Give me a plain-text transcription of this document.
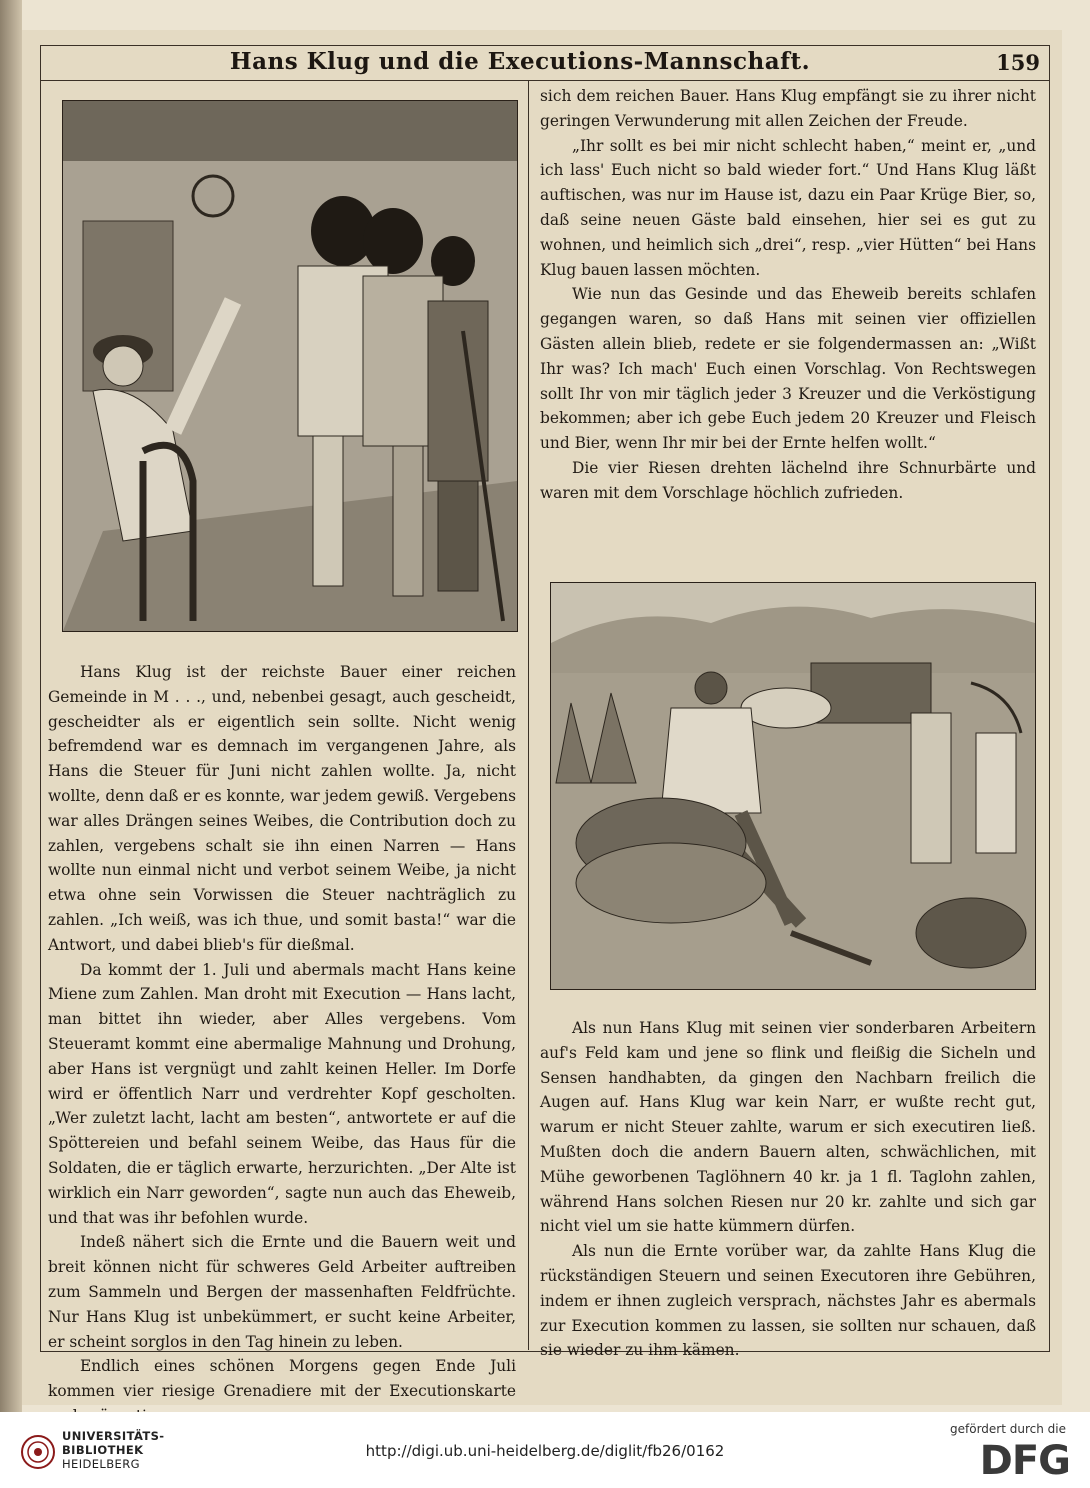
Hans Klug und die Executions-Mannschaft.	159

Hans Klug ist der reichste Bauer einer reichen Gemeinde in M . . ., und, nebenbei gesagt, auch gescheidt, gescheidter als er eigentlich sein sollte. Nicht wenig befremdend war es demnach im vergangenen Jahre, als Hans die Steuer für Juni nicht zahlen wollte. Ja, nicht wollte, denn daß er es konnte, war jedem gewiß. Vergebens war alles Drängen seines Weibes, die Contribution doch zu zahlen, vergebens schalt sie ihn einen Narren — Hans wollte nun einmal nicht und verbot seinem Weibe, ja nicht etwa ohne sein Vorwissen die Steuer nachträglich zu zahlen. „Ich weiß, was ich thue, und somit basta!“ war die Antwort, und dabei blieb's für dießmal.

Da kommt der 1. Juli und abermals macht Hans keine Miene zum Zahlen. Man droht mit Execution — Hans lacht, man bittet ihn wieder, aber Alles vergebens. Vom Steueramt kommt eine abermalige Mahnung und Drohung, aber Hans ist vergnügt und zahlt keinen Heller. Im Dorfe wird er öffentlich Narr und verdrehter Kopf gescholten. „Wer zuletzt lacht, lacht am besten“, antwortete er auf die Spöttereien und befahl seinem Weibe, das Haus für die Soldaten, die er täglich erwarte, herzurichten. „Der Alte ist wirklich ein Narr geworden“, sagte nun auch das Eheweib, und that was ihr befohlen wurde.

Indeß nähert sich die Ernte und die Bauern weit und breit können nicht für schweres Geld Arbeiter auftreiben zum Sammeln und Bergen der massenhaften Feldfrüchte. Nur Hans Klug ist unbekümmert, er sucht keine Arbeiter, er scheint sorglos in den Tag hinein zu leben.

Endlich eines schönen Morgens gegen Ende Juli kommen vier riesige Grenadiere mit der Executionskarte

sich dem reichen Bauer. Hans Klug empfängt sie zu ihrer nicht geringen Verwunderung mit allen Zeichen der Freude.

„Ihr sollt es bei mir nicht schlecht haben,“ meint er, „und ich lass' Euch nicht so bald wieder fort.“ Und Hans Klug läßt auftischen, was nur im Hause ist, dazu ein Paar Krüge Bier, so, daß seine neuen Gäste bald einsehen, hier sei es gut zu wohnen, und heimlich sich „drei“, resp. „vier Hütten“ bei Hans Klug bauen lassen möchten.

Wie nun das Gesinde und das Eheweib bereits schlafen gegangen waren, so daß Hans mit seinen vier offiziellen Gästen allein blieb, redete er sie folgendermassen an: „Wißt Ihr was? Ich mach' Euch einen Vorschlag. Von Rechtswegen sollt Ihr von mir täglich jeder 3 Kreuzer und die Verköstigung bekommen; aber ich gebe Euch jedem 20 Kreuzer und Fleisch und Bier, wenn Ihr mir bei der Ernte helfen wollt.“

Die vier Riesen drehten lächelnd ihre Schnurbärte und waren mit dem Vorschlage höchlich zufrieden.

Als nun Hans Klug mit seinen vier sonderbaren Arbeitern auf's Feld kam und jene so flink und fleißig die Sicheln und Sensen handhabten, da gingen den Nachbarn freilich die Augen auf. Hans Klug war kein Narr, er wußte recht gut, warum er nicht Steuer zahlte, warum er sich executiren ließ. Mußten doch die andern Bauern alten, schwächlichen, mit Mühe geworbenen Taglöhnern 40 kr. ja 1 fl. Taglohn zahlen, während Hans solchen Riesen nur 20 kr. zahlte und sich gar nicht viel um sie hatte kümmern dürfen.

Als nun die Ernte vorüber war, da zahlte Hans Klug die rückständigen Steuern und seinen Executoren ihre Gebühren, indem er ihnen zugleich versprach, nächstes Jahr es abermals zur Execution kommen zu lassen, sie sollten nur schauen, daß sie wieder zu ihm kämen.

UNIVERSITÄTS-
BIBLIOTHEK
HEIDELBERG
http://digi.ub.uni-heidelberg.de/diglit/fb26/0162
gefördert durch die
DFG
